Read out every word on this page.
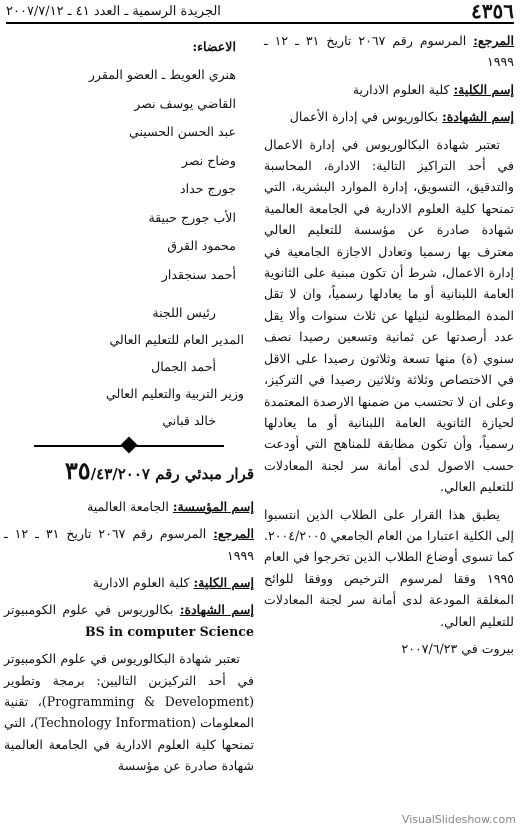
٤٣٥٦
الجريدة الرسمية ـ العدد ٤١ ـ ٢٠٠٧/٧/١٢

المرجع: المرسوم رقم ٢٠٦٧ تاريخ ٣١ ـ ١٢ ـ ١٩٩٩

إسم الكلية: كلية العلوم الادارية

إسم الشهادة: بكالوريوس في إدارة الأعمال

تعتبر شهادة البكالوريوس في إدارة الاعمال في أحد التراكيز التالية: الادارة، المحاسبة والتدقيق، التسويق، إدارة الموارد البشرية، التي تمنحها كلية العلوم الادارية في الجامعة العالمية شهادة صادرة عن مؤسسة للتعليم العالي معترف بها رسميا وتعادل الاجازة الجامعية في إدارة الاعمال، شرط أن تكون مبنية على الثانوية العامة اللبنانية أو ما يعادلها رسمياً، وان لا تقل المدة المطلوبة لنيلها عن ثلاث سنوات وألا يقل عدد أرصدتها عن ثمانية وتسعين رصيدا نصف سنوي (ة) منها تسعة وثلاثون رصيدا على الاقل في الاختصاص وثلاثة وثلاثين رصيدا في التركيز، وعلى ان لا تحتسب من ضمنها الارصدة المعتمدة لحيازة الثانوية العامة اللبنانية أو ما يعادلها رسمياً، وأن تكون مطابقة للمناهج التي أودعت حسب الاصول لدى أمانة سر لجنة المعادلات للتعليم العالي.

يطبق هذا القرار على الطلاب الذين انتسبوا إلى الكلية اعتبارا من العام الجامعي ٢٠٠٤/٢٠٠٥. كما تسوى أوضاع الطلاب الذين تخرجوا في العام ١٩٩٥ وفقا لمرسوم الترخيص ووفقا للوائح المغلقة المودعة لدى أمانة سر لجنة المعادلات للتعليم العالي.

بيروت في ٢٠٠٧/٦/٢٣

الاعضاء:
هنري العويط ـ العضو المقرر
القاضي يوسف نصر
عبد الحسن الحسيني
وضاح نصر
جورج حداد
الأب جورج حبيقة
محمود القرق
أحمد سنجقدار
رئيس اللجنة
المدير العام للتعليم العالي
أحمد الجمال
وزير التربية والتعليم العالي
خالد قباني
قرار مبدئي رقم ٣٥/٤٣/٢٠٠٧

إسم المؤسسة: الجامعة العالمية

المرجع: المرسوم رقم ٢٠٦٧ تاريخ ٣١ ـ ١٢ ـ ١٩٩٩

إسم الكلية: كلية العلوم الادارية

إسم الشهادة: بكالوريوس في علوم الكومبيوتر BS in computer Science

تعتبر شهادة البكالوريوس في علوم الكومبيوتر في أحد التركيزين التاليين: برمجة وتطوير (Programming & Development)، تقنية المعلومات (Technology Information)، التي تمنحها كلية العلوم الادارية في الجامعة العالمية شهادة صادرة عن مؤسسة

VisualSlideshow.com
